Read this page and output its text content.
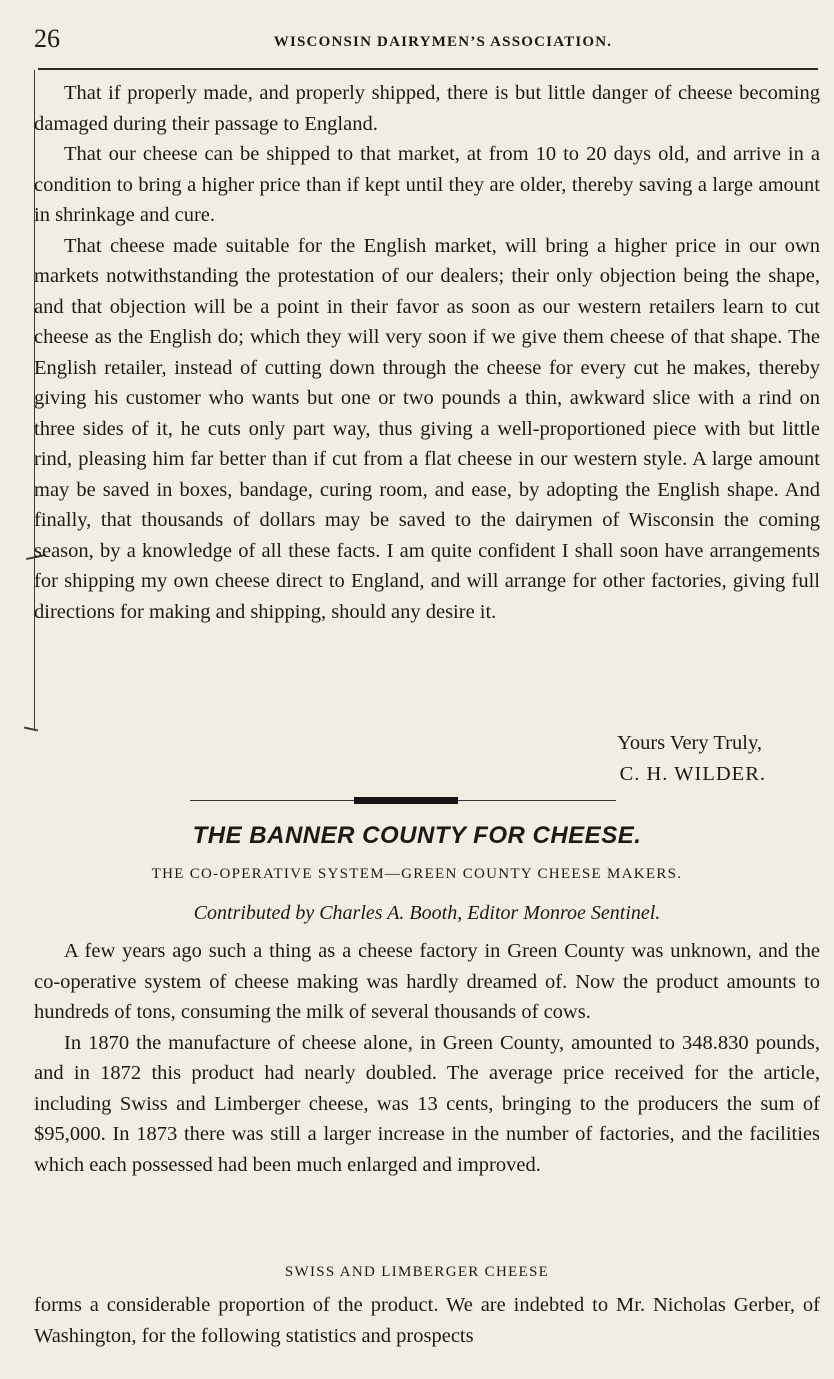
26	WISCONSIN DAIRYMEN’S ASSOCIATION.

That if properly made, and properly shipped, there is but little danger of cheese becoming damaged during their passage to England.

That our cheese can be shipped to that market, at from 10 to 20 days old, and arrive in a condition to bring a higher price than if kept until they are older, thereby saving a large amount in shrinkage and cure.

That cheese made suitable for the English market, will bring a higher price in our own markets notwithstanding the protestation of our dealers; their only objection being the shape, and that objection will be a point in their favor as soon as our western retailers learn to cut cheese as the English do; which they will very soon if we give them cheese of that shape. The English retailer, instead of cutting down through the cheese for every cut he makes, thereby giving his customer who wants but one or two pounds a thin, awkward slice with a rind on three sides of it, he cuts only part way, thus giving a well-proportioned piece with but little rind, pleasing him far better than if cut from a flat cheese in our western style. A large amount may be saved in boxes, bandage, curing room, and ease, by adopting the English shape. And finally, that thousands of dollars may be saved to the dairymen of Wisconsin the coming season, by a knowledge of all these facts. I am quite confident I shall soon have arrangements for shipping my own cheese direct to England, and will arrange for other factories, giving full directions for making and shipping, should any desire it.

Yours Very Truly,
C. H. WILDER.
THE BANNER COUNTY FOR CHEESE.
THE CO-OPERATIVE SYSTEM—GREEN COUNTY CHEESE MAKERS.
Contributed by Charles A. Booth, Editor Monroe Sentinel.

A few years ago such a thing as a cheese factory in Green County was unknown, and the co-operative system of cheese making was hardly dreamed of. Now the product amounts to hundreds of tons, consuming the milk of several thousands of cows.

In 1870 the manufacture of cheese alone, in Green County, amounted to 348.830 pounds, and in 1872 this product had nearly doubled. The average price received for the article, including Swiss and Limberger cheese, was 13 cents, bringing to the producers the sum of $95,000. In 1873 there was still a larger increase in the number of factories, and the facilities which each possessed had been much enlarged and improved.

SWISS AND LIMBERGER CHEESE

forms a considerable proportion of the product. We are indebted to Mr. Nicholas Gerber, of Washington, for the following statistics and prospects
